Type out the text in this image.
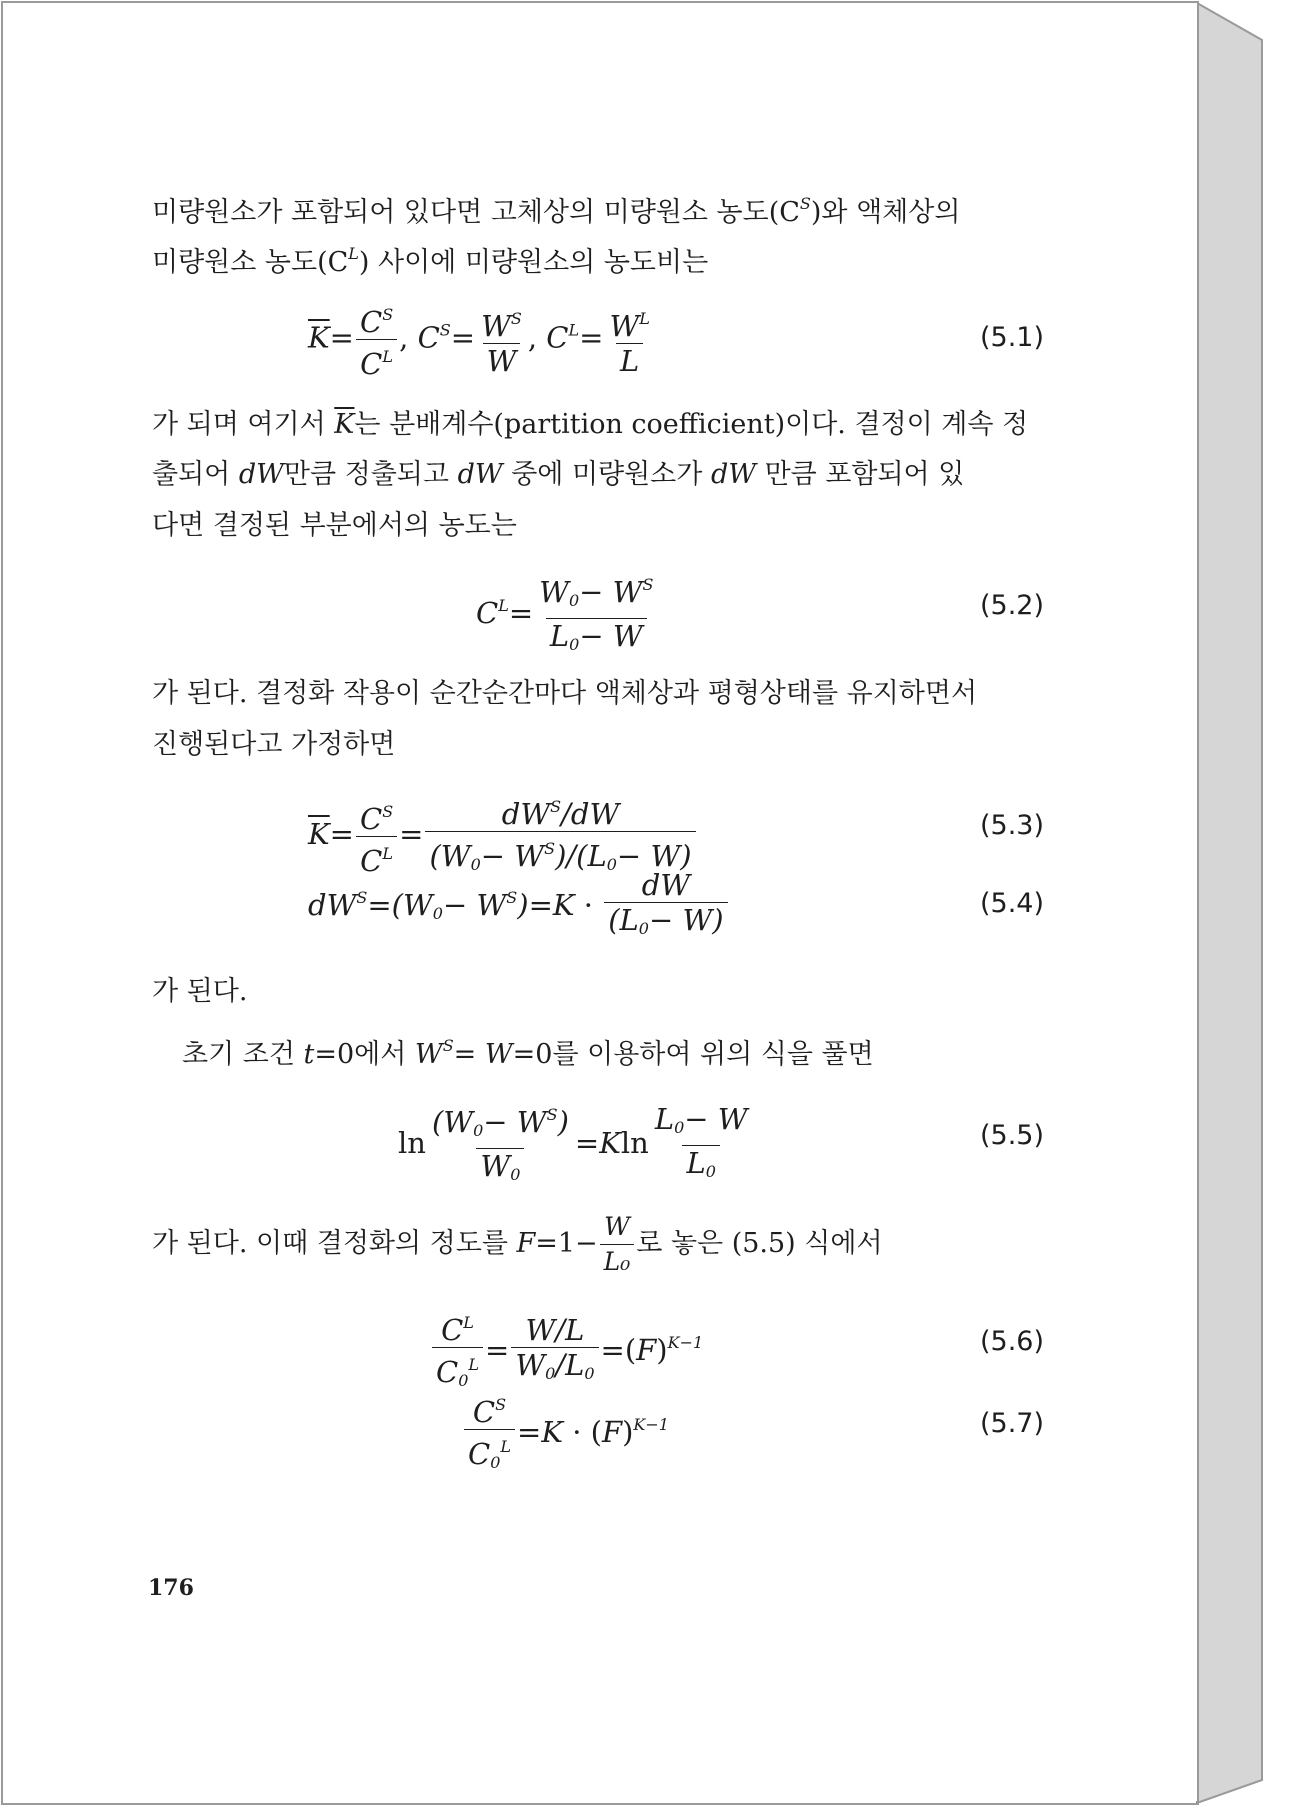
미량원소가 포함되어 있다면 고체상의 미량원소 농도$(C^S)$와 액체상의

미량원소 농도$(C^L)$ 사이에 미량원소의 농도비는

$\overline{K}= \frac{C^S}{C^L}$ , $C^S= \frac{W^S}{W}$ , $C^L= \frac{W^L}{L}$	(5.1)

가 되며 여기서 $\overline{K}$는 분배계수(partition coefficient)이다. 결정이 계속 정

출되어 dW만큼 정출되고 dW 중에 미량원소가 dW 만큼 포함되어 있

다면 결정된 부분에서의 농도는

$C^L= \frac{W_0- W^S}{L_0- W}$	(5.2)

가 된다. 결정화 작용이 순간순간마다 액체상과 평형상태를 유지하면서

진행된다고 가정하면

$\overline{K}= \frac{C^S}{C^L} = \frac{dW^S/dW}{(W_0- W^S)/(L_0- W)}$	(5.3)
$dW^S=(W_0- W^S)=K \cdot \frac{dW}{(L_0- W)}$	(5.4)

가 된다.

초기 조건 t=0에서 $W^S= W=0$를 이용하여 위의 식을 풀면

$\ln \frac{(W_0- W^S)}{W_0} =Kln \frac{L_0- W}{L_0}$	(5.5)

가 된다. 이때 결정화의 정도를 $F=1- \frac{W}{\text{L₀}}$ 로 놓은 (5.5) 식에서

$\frac{C^L}{C_0^L} = \frac{W/L}{W_0/L_0} =(F)^{K-1}$	(5.6)
$\frac{C^S}{C_0^L} =K \cdot (F)^{K-1}$	(5.7)
176
